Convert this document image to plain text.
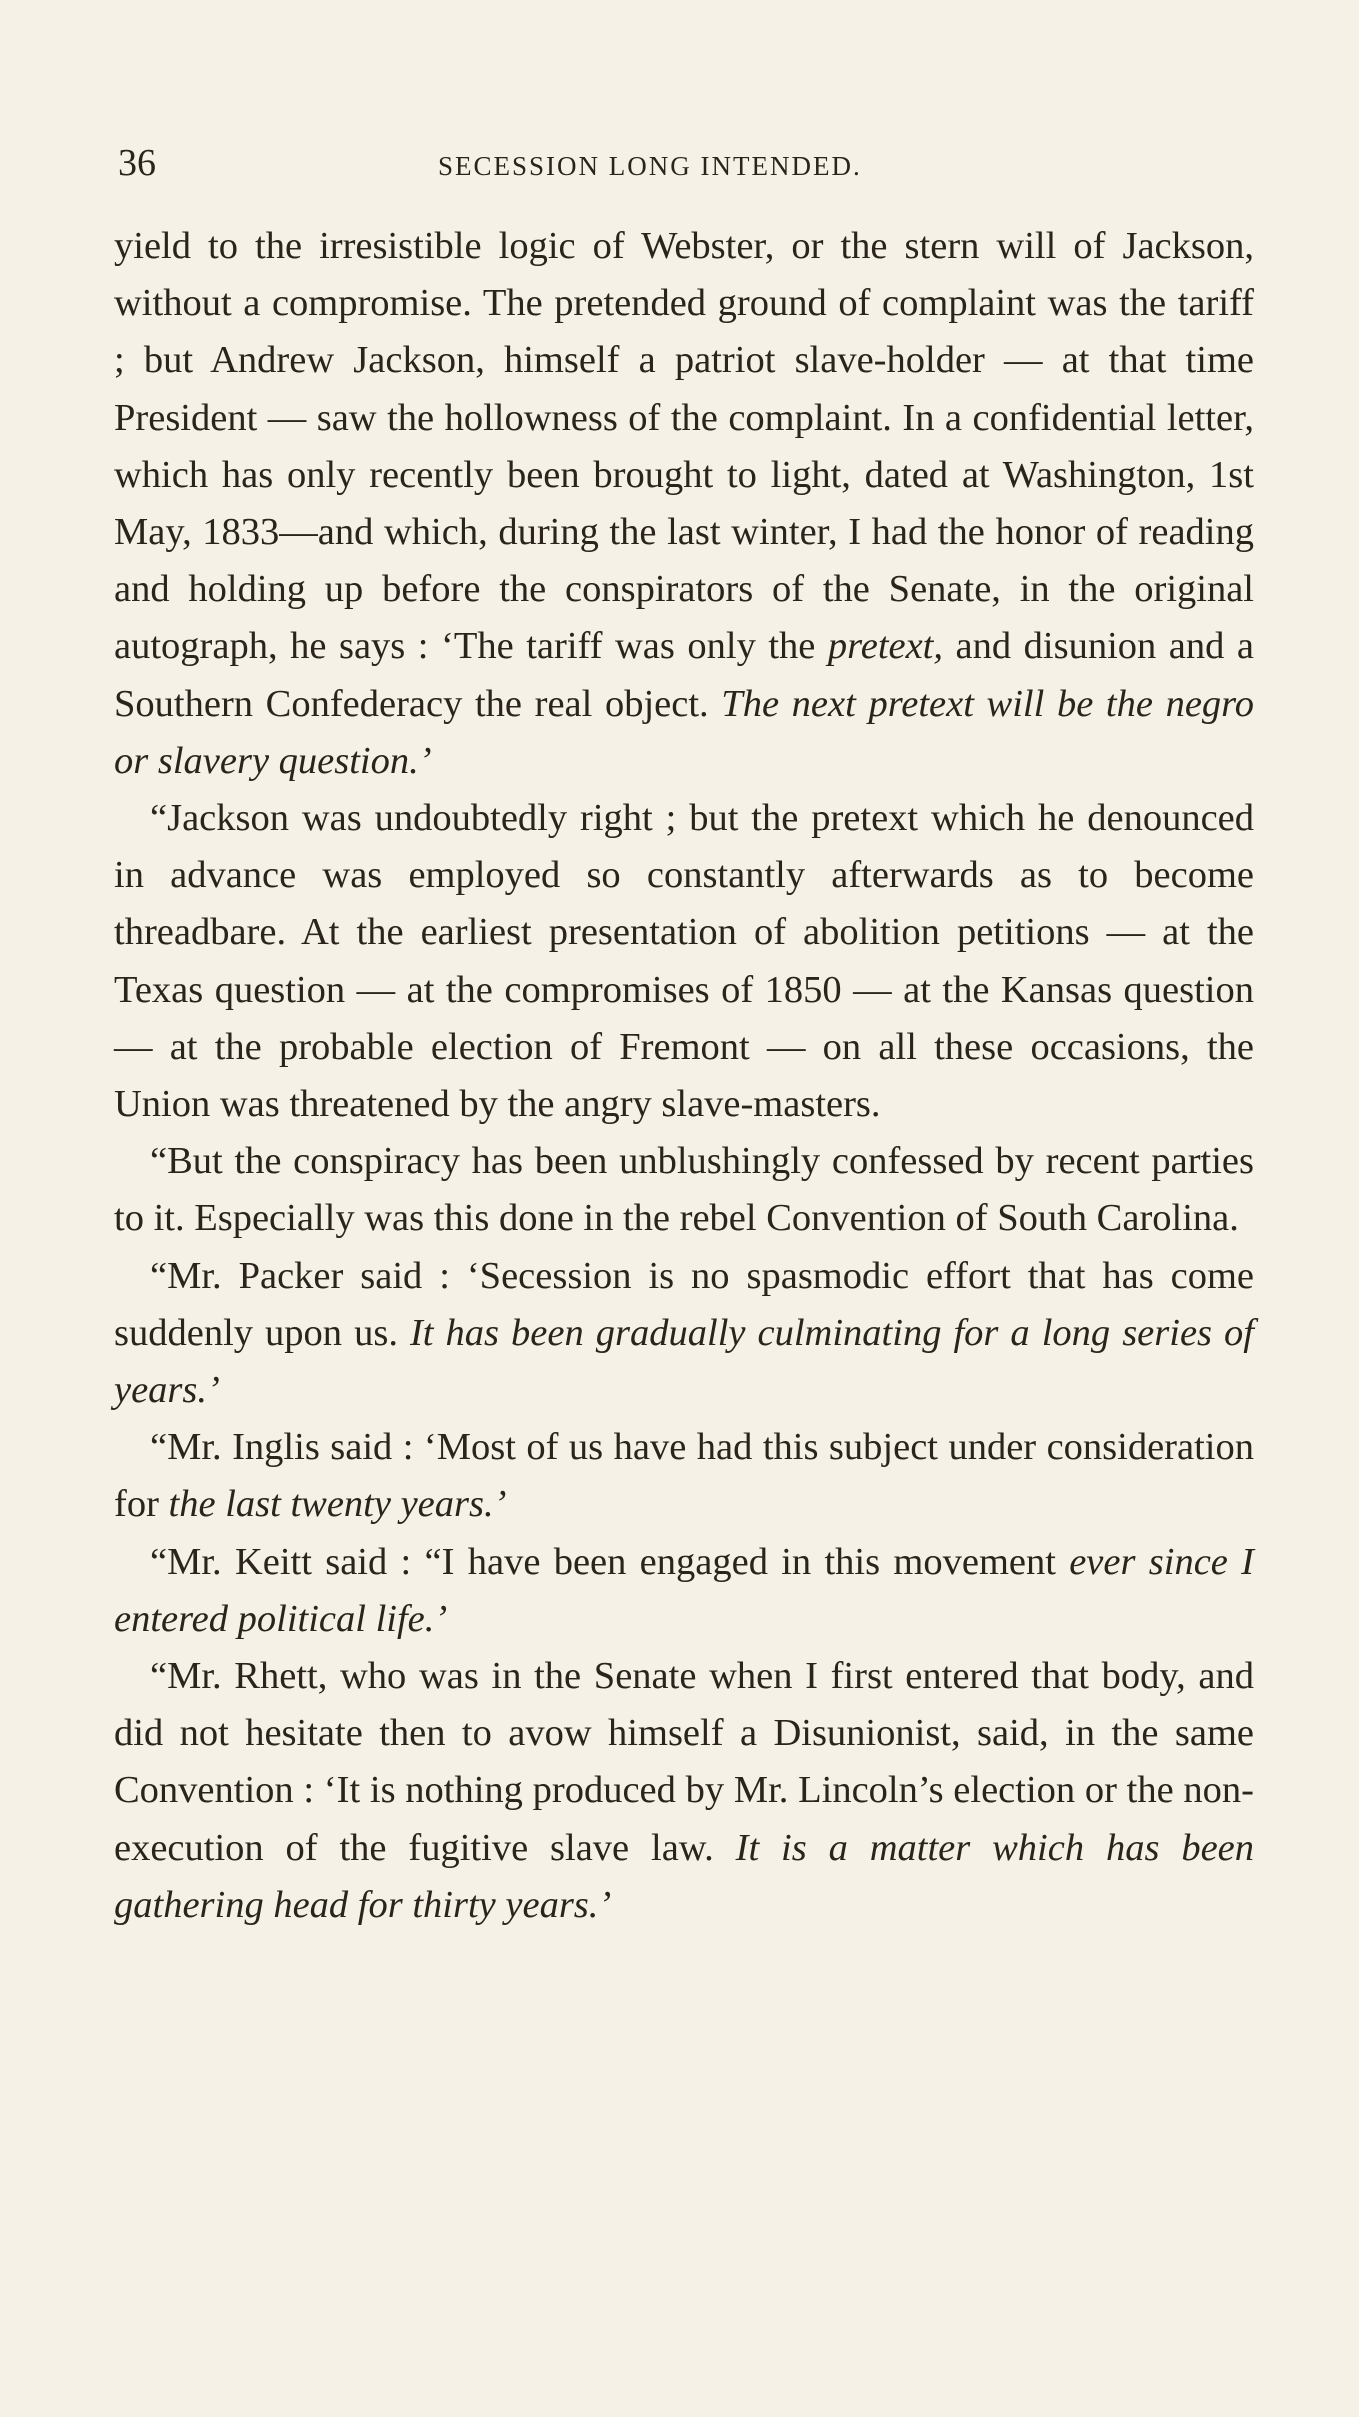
36	SECESSION LONG INTENDED.

yield to the irresistible logic of Webster, or the stern will of Jackson, without a compromise. The pretended ground of complaint was the tariff ; but Andrew Jackson, himself a patriot slave-holder — at that time President — saw the hollowness of the complaint. In a confidential letter, which has only recently been brought to light, dated at Washington, 1st May, 1833—and which, during the last winter, I had the honor of reading and holding up before the conspirators of the Senate, in the original autograph, he says : ‘The tariff was only the pretext, and disunion and a Southern Confederacy the real object. The next pretext will be the negro or slavery question.’

“Jackson was undoubtedly right ; but the pretext which he denounced in advance was employed so constantly afterwards as to become threadbare. At the earliest presentation of abolition petitions — at the Texas question — at the compromises of 1850 — at the Kansas question — at the probable election of Fremont — on all these occasions, the Union was threatened by the angry slave-masters.

“But the conspiracy has been unblushingly confessed by recent parties to it. Especially was this done in the rebel Convention of South Carolina.

“Mr. Packer said : ‘Secession is no spasmodic effort that has come suddenly upon us. It has been gradually culminating for a long series of years.’

“Mr. Inglis said : ‘Most of us have had this subject under consideration for the last twenty years.’

“Mr. Keitt said : “I have been engaged in this movement ever since I entered political life.’

“Mr. Rhett, who was in the Senate when I first entered that body, and did not hesitate then to avow himself a Disunionist, said, in the same Convention : ‘It is nothing produced by Mr. Lincoln’s election or the non-execution of the fugitive slave law. It is a matter which has been gathering head for thirty years.’
